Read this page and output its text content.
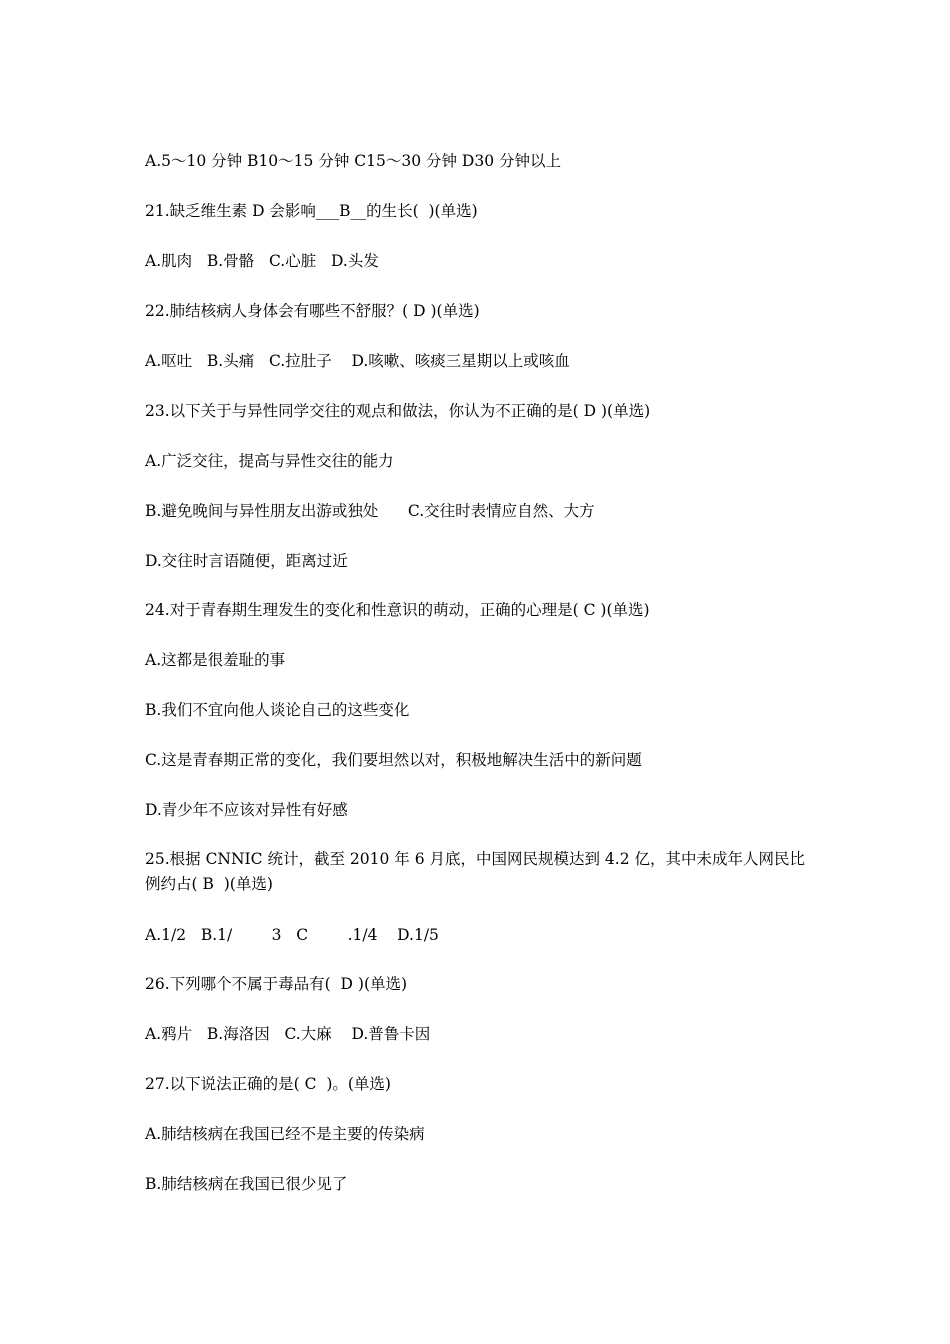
A.5～10 分钟 B10～15 分钟 C15～30 分钟 D30 分钟以上

21.缺乏维生素 D 会影响___B__的生长(  )(单选)

A.肌肉   B.骨骼   C.心脏   D.头发

22.肺结核病人身体会有哪些不舒服？( D )(单选)

A.呕吐   B.头痛   C.拉肚子    D.咳嗽、咳痰三星期以上或咳血

23.以下关于与异性同学交往的观点和做法，你认为不正确的是( D )(单选)

A.广泛交往，提高与异性交往的能力

B.避免晚间与异性朋友出游或独处      C.交往时表情应自然、大方

D.交往时言语随便，距离过近

24.对于青春期生理发生的变化和性意识的萌动，正确的心理是( C )(单选)

A.这都是很羞耻的事

B.我们不宜向他人谈论自己的这些变化

C.这是青春期正常的变化，我们要坦然以对，积极地解决生活中的新问题

D.青少年不应该对异性有好感

25.根据 CNNIC 统计，截至 2010 年 6 月底，中国网民规模达到 4.2 亿，其中未成年人网民比例约占( B  )(单选)

A.1/2   B.1/        3   C        .1/4    D.1/5

26.下列哪个不属于毒品有(  D )(单选)

A.鸦片   B.海洛因   C.大麻    D.普鲁卡因

27.以下说法正确的是( C  )。(单选)

A.肺结核病在我国已经不是主要的传染病

B.肺结核病在我国已很少见了
